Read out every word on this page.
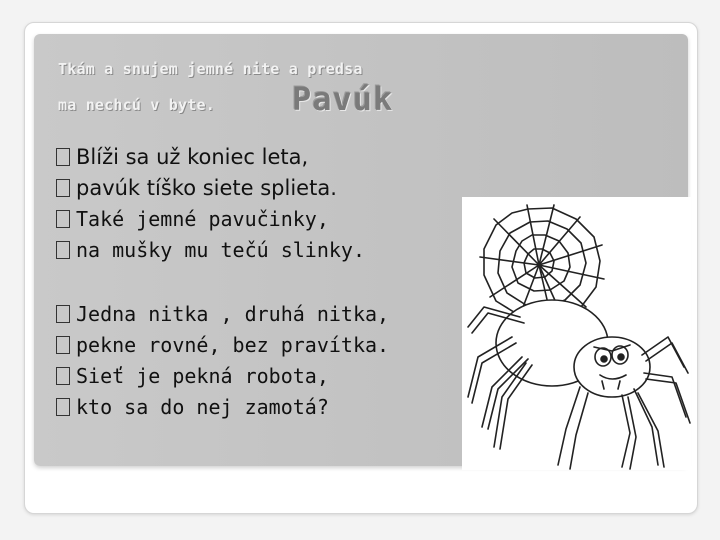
Tkám a snujem jemné nite a predsa
ma nechcú v byte. Pavúk
Blíži sa už koniec leta,
pavúk tíško siete splieta.
Také jemné pavučinky,
na mušky mu tečú slinky.
Jedna nitka , druhá nitka,
pekne rovné, bez pravítka.
Sieť je pekná robota,
kto sa do nej zamotá?
